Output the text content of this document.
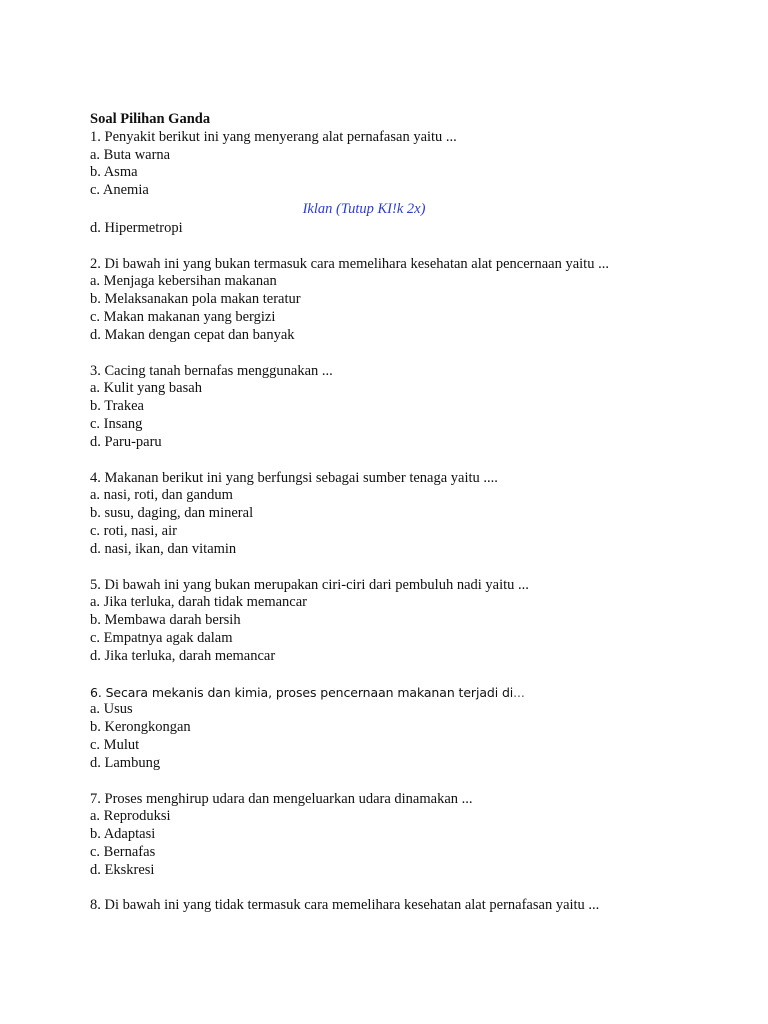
Soal Pilihan Ganda
1. Penyakit berikut ini yang menyerang alat pernafasan yaitu ...
a. Buta warna
b. Asma
c. Anemia
Iklan (Tutup KI!k 2x)
d. Hipermetropi
2. Di bawah ini yang bukan termasuk cara memelihara kesehatan alat pencernaan yaitu ...
a. Menjaga kebersihan makanan
b. Melaksanakan pola makan teratur
c. Makan makanan yang bergizi
d. Makan dengan cepat dan banyak
3. Cacing tanah bernafas menggunakan ...
a. Kulit yang basah
b. Trakea
c. Insang
d. Paru-paru
4. Makanan berikut ini yang berfungsi sebagai sumber tenaga yaitu ....
a. nasi, roti, dan gandum
b. susu, daging, dan mineral
c. roti, nasi, air
d. nasi, ikan, dan vitamin
5. Di bawah ini yang bukan merupakan ciri-ciri dari pembuluh nadi yaitu ...
a. Jika terluka, darah tidak memancar
b. Membawa darah bersih
c. Empatnya agak dalam
d. Jika terluka, darah memancar
6. Secara mekanis dan kimia, proses pencernaan makanan terjadi di...
a. Usus
b. Kerongkongan
c. Mulut
d. Lambung
7. Proses menghirup udara dan mengeluarkan udara dinamakan ...
a. Reproduksi
b. Adaptasi
c. Bernafas
d. Ekskresi
8. Di bawah ini yang tidak termasuk cara memelihara kesehatan alat pernafasan yaitu ...
